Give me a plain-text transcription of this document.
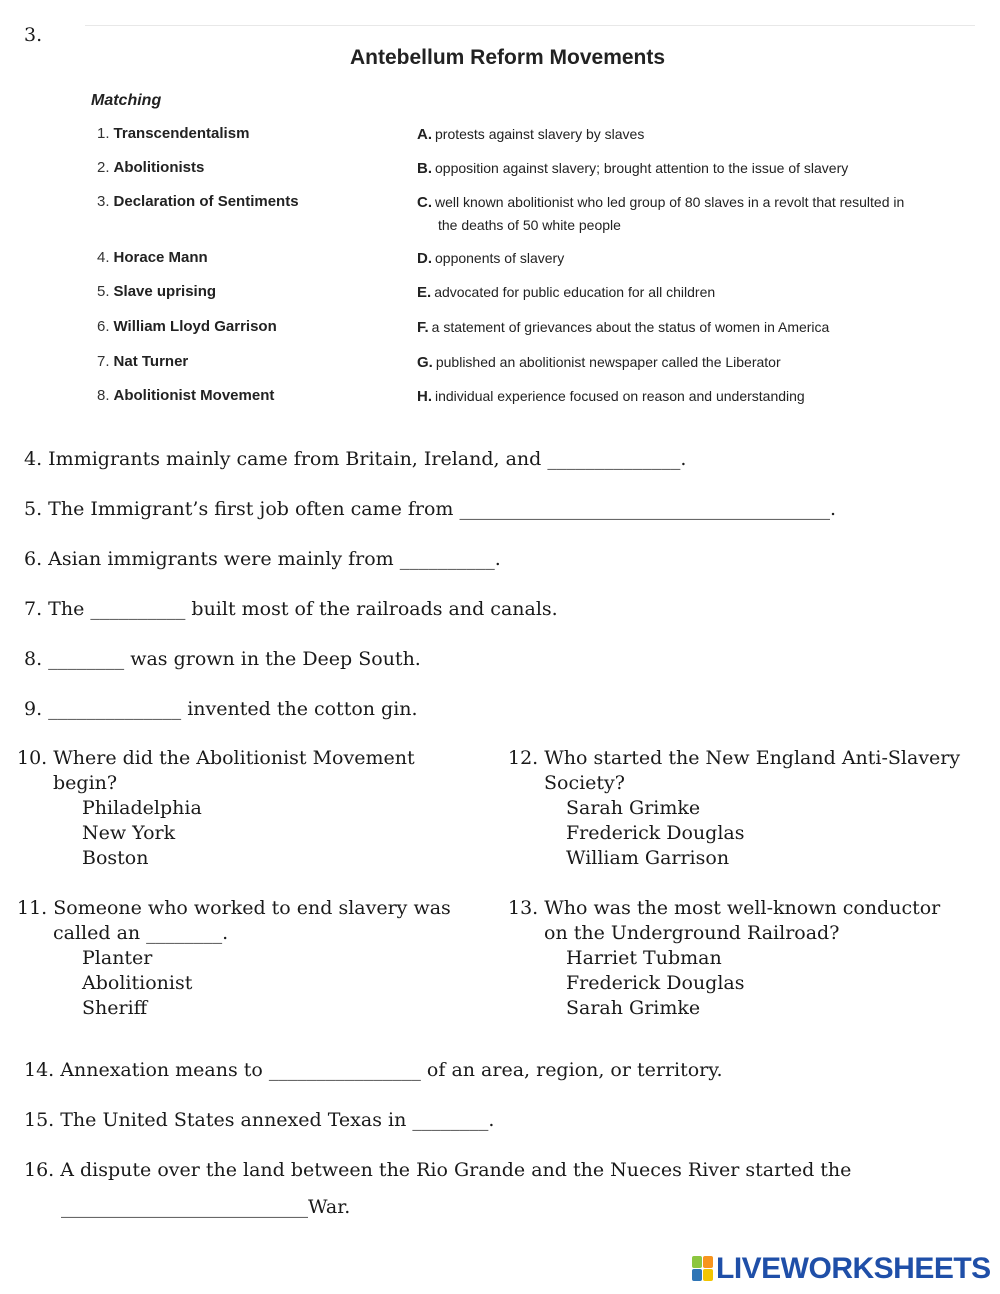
3.
Antebellum Reform Movements
Matching
1. Transcendentalism
2. Abolitionists
3. Declaration of Sentiments
4. Horace Mann
5. Slave uprising
6. William Lloyd Garrison
7. Nat Turner
8. Abolitionist Movement
A. protests against slavery by slaves
B. opposition against slavery; brought attention to the issue of slavery
C. well known abolitionist who led group of 80 slaves in a revolt that resulted in
the deaths of 50 white people
D. opponents of slavery
E. advocated for public education for all children
F. a statement of grievances about the status of women in America
G. published an abolitionist newspaper called the Liberator
H. individual experience focused on reason and understanding
4. Immigrants mainly came from Britain, Ireland, and ______________.
5. The Immigrant’s first job often came from _______________________________________.
6. Asian immigrants were mainly from __________.
7. The __________ built most of the railroads and canals.
8. ________ was grown in the Deep South.
9. ______________ invented the cotton gin.
10. Where did the Abolitionist Movement
begin?
Philadelphia
New York
Boston
12. Who started the New England Anti-Slavery
Society?
Sarah Grimke
Frederick Douglas
William Garrison
11. Someone who worked to end slavery was
called an ________.
Planter
Abolitionist
Sheriff
13. Who was the most well-known conductor
on the Underground Railroad?
Harriet Tubman
Frederick Douglas
Sarah Grimke
14. Annexation means to ________________ of an area, region, or territory.
15. The United States annexed Texas in ________.
16. A dispute over the land between the Rio Grande and the Nueces River started the
__________________________War.
LIVEWORKSHEETS
